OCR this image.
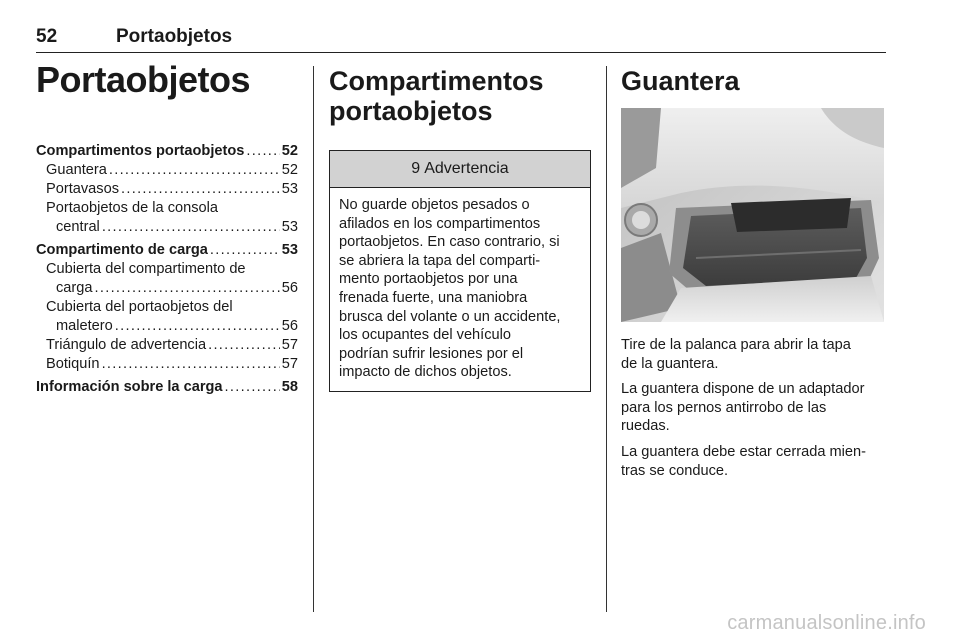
52	Portaobjetos
Portaobjetos
Compartimentos portaobjetos .....	52
Guantera .....	52
Portavasos .....	53
Portaobjetos de la consola
central .....	53
Compartimento de carga .....	53
Cubierta del compartimento de
carga .....	56
Cubierta del portaobjetos del
maletero .....	56
Triángulo de advertencia .....	57
Botiquín .....	57
Información sobre la carga .....	58
Compartimentos
portaobjetos
9 Advertencia
No guarde objetos pesados o
afilados en los compartimentos
portaobjetos. En caso contrario, si
se abriera la tapa del comparti-
mento portaobjetos por una
frenada fuerte, una maniobra
brusca del volante o un accidente,
los ocupantes del vehículo
podrían sufrir lesiones por el
impacto de dichos objetos.
Guantera

Tire de la palanca para abrir la tapa
de la guantera.

La guantera dispone de un adaptador
para los pernos antirrobo de las
ruedas.

La guantera debe estar cerrada mien-
tras se conduce.

carmanualsonline.info
